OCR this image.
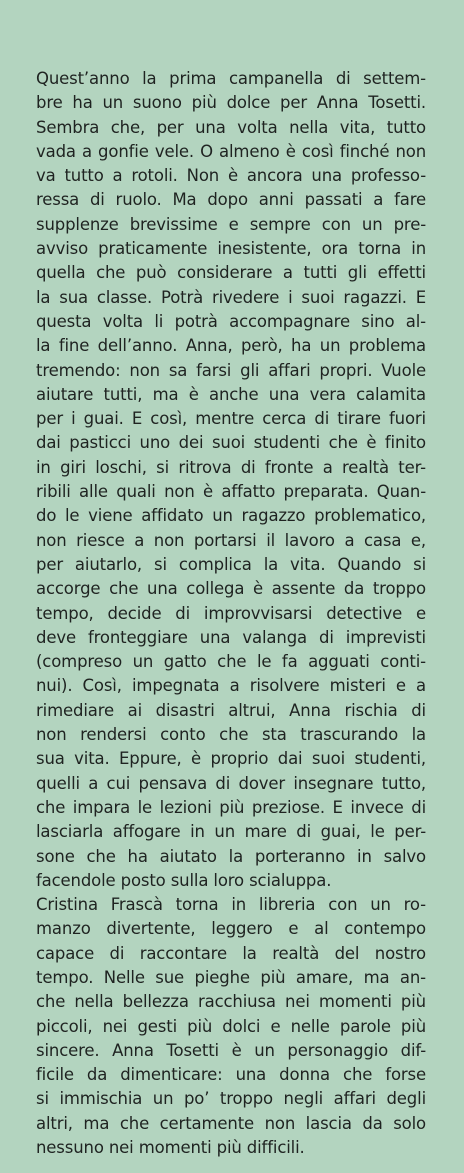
Quest’anno la prima campanella di settem-
bre ha un suono più dolce per Anna Tosetti.
Sembra che, per una volta nella vita, tutto
vada a gonfie vele. O almeno è così finché non
va tutto a rotoli. Non è ancora una professo-
ressa di ruolo. Ma dopo anni passati a fare
supplenze brevissime e sempre con un pre-
avviso praticamente inesistente, ora torna in
quella che può considerare a tutti gli effetti
la sua classe. Potrà rivedere i suoi ragazzi. E
questa volta li potrà accompagnare sino al-
la fine dell’anno. Anna, però, ha un problema
tremendo: non sa farsi gli affari propri. Vuole
aiutare tutti, ma è anche una vera calamita
per i guai. E così, mentre cerca di tirare fuori
dai pasticci uno dei suoi studenti che è finito
in giri loschi, si ritrova di fronte a realtà ter-
ribili alle quali non è affatto preparata. Quan-
do le viene affidato un ragazzo problematico,
non riesce a non portarsi il lavoro a casa e,
per aiutarlo, si complica la vita. Quando si
accorge che una collega è assente da troppo
tempo, decide di improvvisarsi detective e
deve fronteggiare una valanga di imprevisti
(compreso un gatto che le fa agguati conti-
nui). Così, impegnata a risolvere misteri e a
rimediare ai disastri altrui, Anna rischia di
non rendersi conto che sta trascurando la
sua vita. Eppure, è proprio dai suoi studenti,
quelli a cui pensava di dover insegnare tutto,
che impara le lezioni più preziose. E invece di
lasciarla affogare in un mare di guai, le per-
sone che ha aiutato la porteranno in salvo
facendole posto sulla loro scialuppa.
Cristina Frascà torna in libreria con un ro-
manzo divertente, leggero e al contempo
capace di raccontare la realtà del nostro
tempo. Nelle sue pieghe più amare, ma an-
che nella bellezza racchiusa nei momenti più
piccoli, nei gesti più dolci e nelle parole più
sincere. Anna Tosetti è un personaggio dif-
ficile da dimenticare: una donna che forse
si immischia un po’ troppo negli affari degli
altri, ma che certamente non lascia da solo
nessuno nei momenti più difficili.
